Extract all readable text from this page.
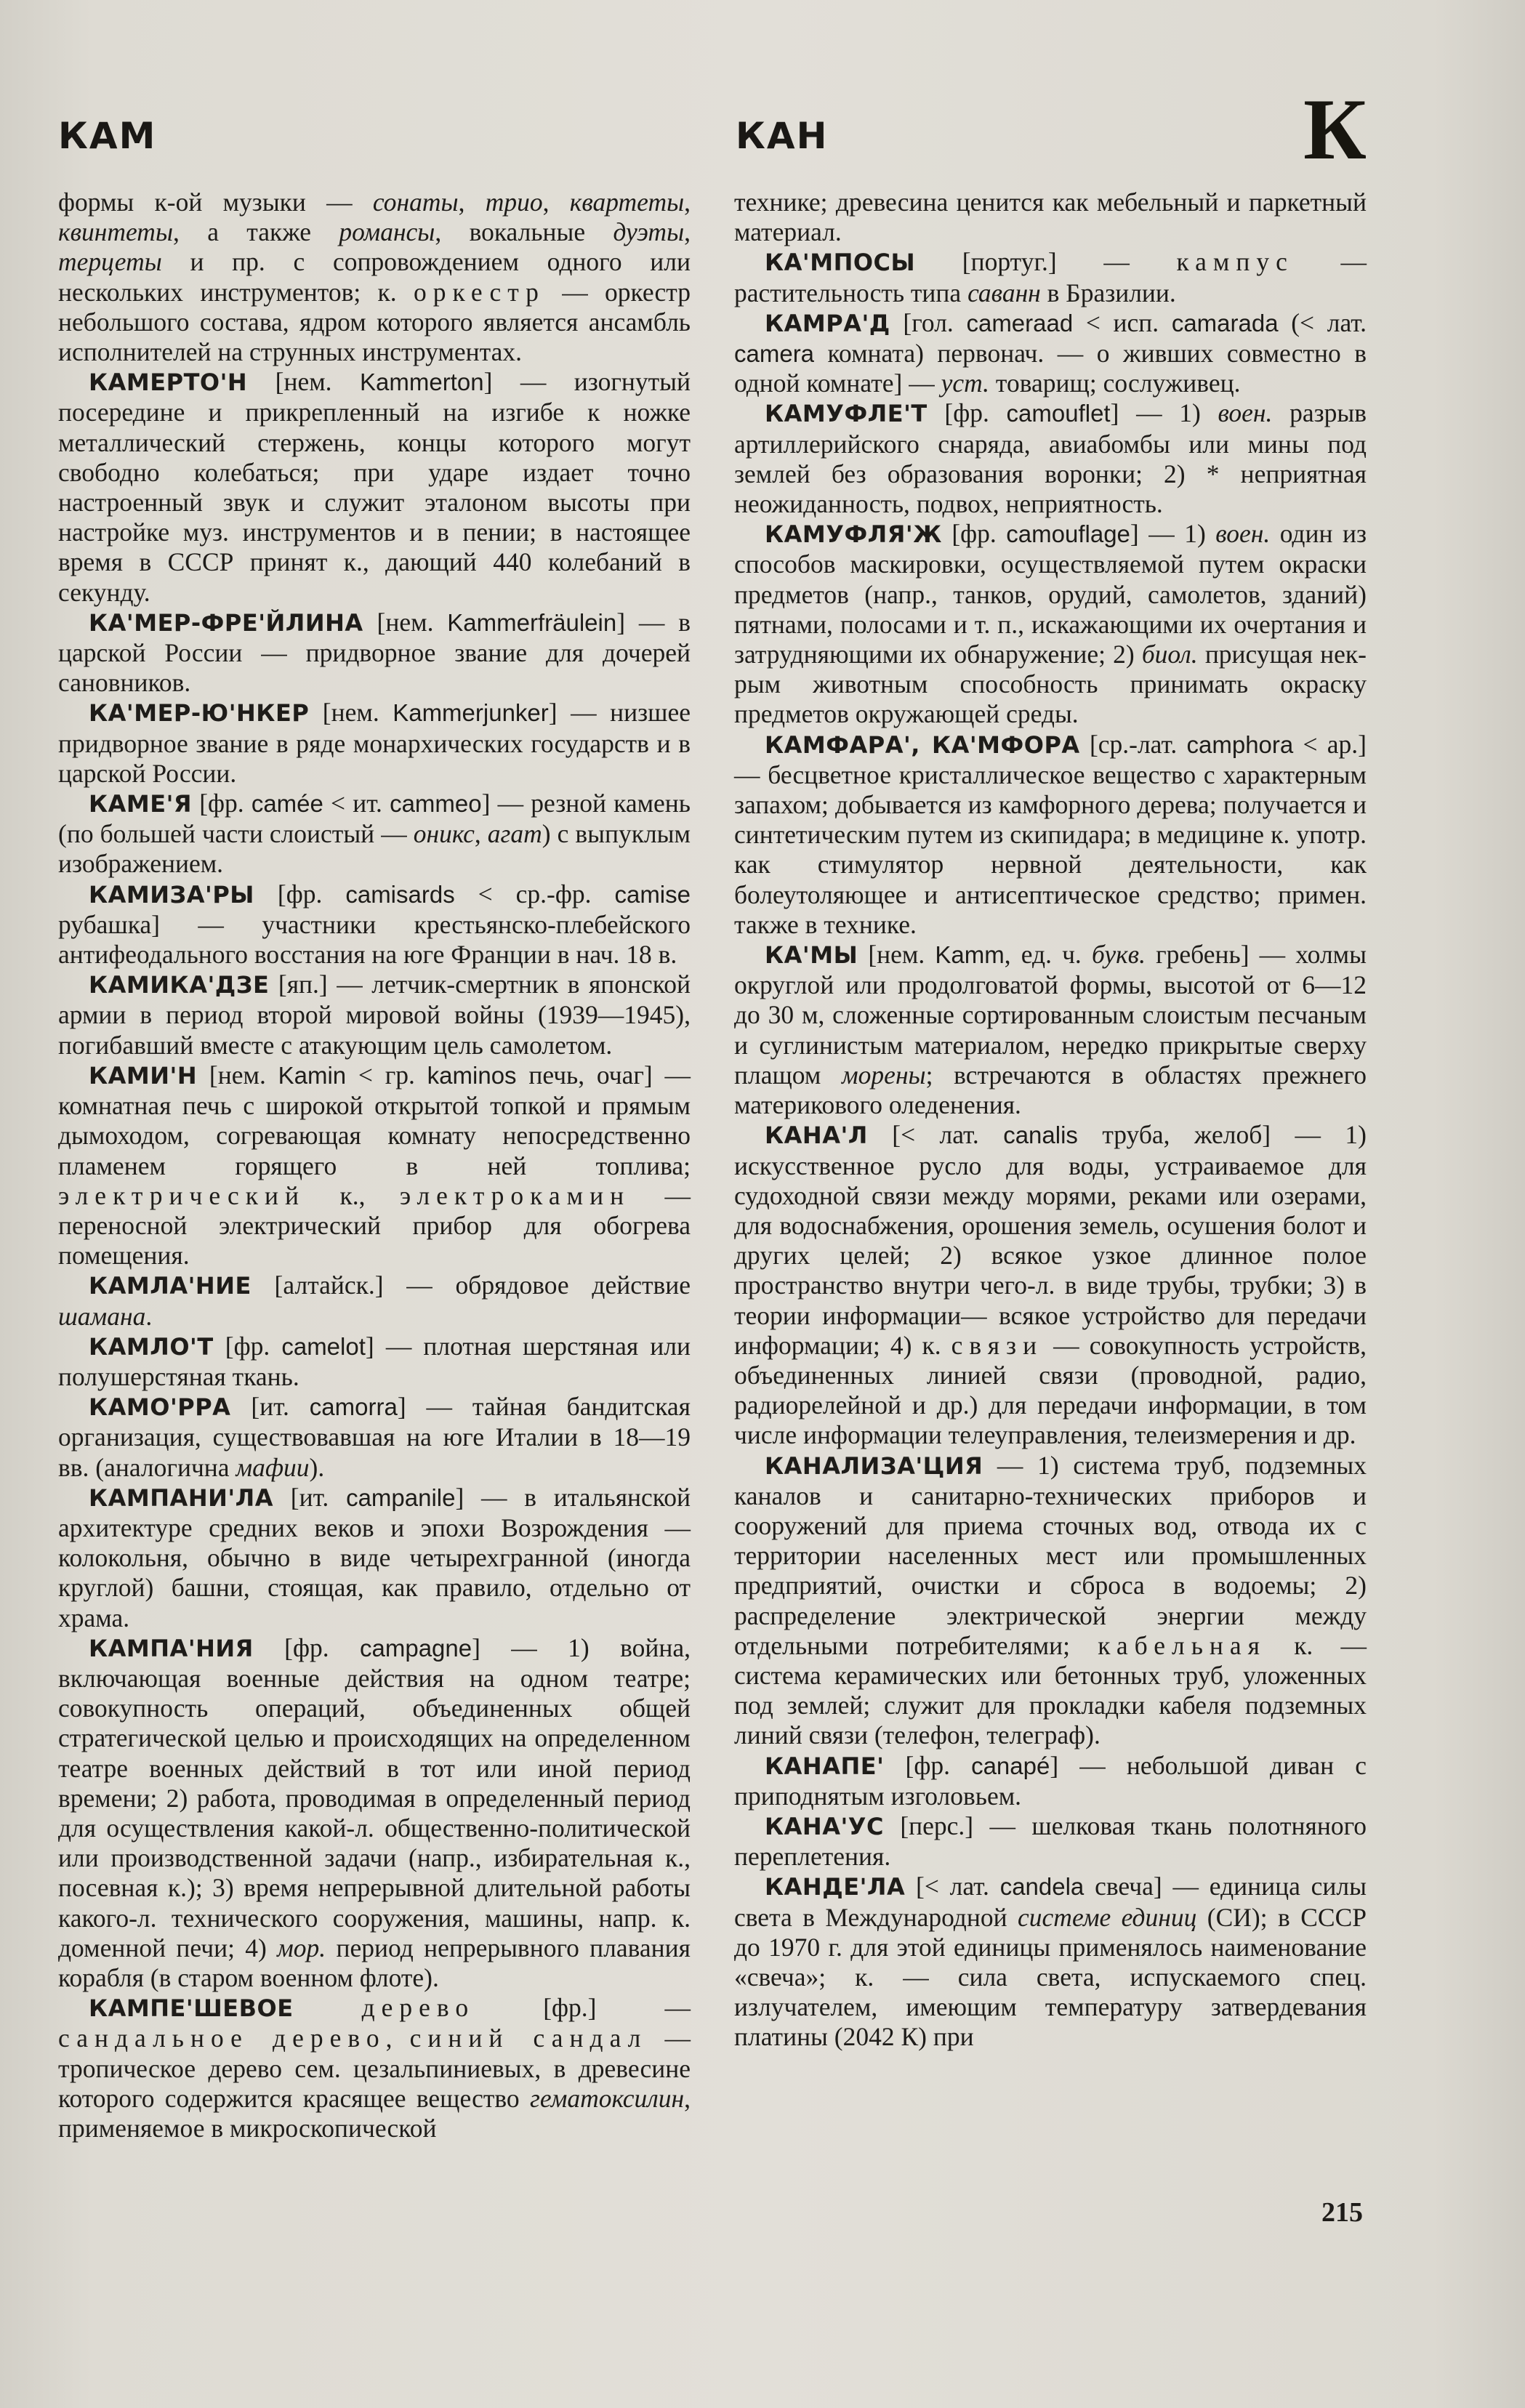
КАМ	КАН	К

формы к-ой музыки — сонаты, трио, квартеты, квинтеты, а также романсы, вокальные дуэты, терцеты и пр. с сопровождением одного или нескольких инструментов; к. оркестр — оркестр небольшого состава, ядром которого является ансамбль исполнителей на струнных инструментах.

КАМЕРТО'Н [нем. Kammerton] — изогнутый посередине и прикрепленный на изгибе к ножке металлический стержень, концы которого могут свободно колебаться; при ударе издает точно настроенный звук и служит эталоном высоты при настройке муз. инструментов и в пении; в настоящее время в СССР принят к., дающий 440 колебаний в секунду.

КА'МЕР-ФРЕ'ЙЛИНА [нем. Kammerfräulein] — в царской России — придворное звание для дочерей сановников.

КА'МЕР-Ю'НКЕР [нем. Kammerjunker] — низшее придворное звание в ряде монархических государств и в царской России.

КАМЕ'Я [фр. camée < ит. cammeo] — резной камень (по большей части слоистый — оникс, агат) с выпуклым изображением.

КАМИЗА'РЫ [фр. camisards < ср.-фр. camise рубашка] — участники крестьянско-плебейского антифеодального восстания на юге Франции в нач. 18 в.

КАМИКА'ДЗЕ [яп.] — летчик-смертник в японской армии в период второй мировой войны (1939—1945), погибавший вместе с атакующим цель самолетом.

КАМИ'Н [нем. Kamin < гр. kaminos печь, очаг] — комнатная печь с широкой открытой топкой и прямым дымоходом, согревающая комнату непосредственно пламенем горящего в ней топлива; электрический к., электрокамин — переносной электрический прибор для обогрева помещения.

КАМЛА'НИЕ [алтайск.] — обрядовое действие шамана.

КАМЛО'Т [фр. camelot] — плотная шерстяная или полушерстяная ткань.

КАМО'РРА [ит. camorra] — тайная бандитская организация, существовавшая на юге Италии в 18—19 вв. (аналогична мафии).

КАМПАНИ'ЛА [ит. campanile] — в итальянской архитектуре средних веков и эпохи Возрождения — колокольня, обычно в виде четырехгранной (иногда круглой) башни, стоящая, как правило, отдельно от храма.

КАМПА'НИЯ [фр. campagne] — 1) война, включающая военные действия на одном театре; совокупность операций, объединенных общей стратегической целью и происходящих на определенном театре военных действий в тот или иной период времени; 2) работа, проводимая в определенный период для осуществления какой-л. общественно-политической или производственной задачи (напр., избирательная к., посевная к.); 3) время непрерывной длительной работы какого-л. технического сооружения, машины, напр. к. доменной печи; 4) мор. период непрерывного плавания корабля (в старом военном флоте).

КАМПЕ'ШЕВОЕ	дерево [фр.] — сандальное дерево, синий сандал — тропическое дерево сем. цезальпиниевых, в древесине которого содержится красящее вещество гематоксилин, применяемое в микроскопической

технике; древесина ценится как мебельный и паркетный материал.

КА'МПОСЫ [португ.] — кампус — растительность типа саванн в Бразилии.

КАМРА'Д [гол. cameraad < исп. camarada (< лат. camera комната) первонач. — о живших совместно в одной комнате] — уст. товарищ; сослуживец.

КАМУФЛЕ'Т [фр. camouflet] — 1) воен. разрыв артиллерийского снаряда, авиабомбы или мины под землей без образования воронки; 2) * неприятная неожиданность, подвох, неприятность.

КАМУФЛЯ'Ж [фр. camouflage] — 1) воен. один из способов маскировки, осуществляемой путем окраски предметов (напр., танков, орудий, самолетов, зданий) пятнами, полосами и т. п., искажающими их очертания и затрудняющими их обнаружение; 2) биол. присущая нек-рым животным способность принимать окраску предметов окружающей среды.

КАМФАРА', КА'МФОРА [ср.-лат. camphora < ар.] — бесцветное кристаллическое вещество с характерным запахом; добывается из камфорного дерева; получается и синтетическим путем из скипидара; в медицине к. употр. как стимулятор нервной деятельности, как болеутоляющее и антисептическое средство; примен. также в технике.

КА'МЫ [нем. Kamm, ед. ч. букв. гребень] — холмы округлой или продолговатой формы, высотой от 6—12 до 30 м, сложенные сортированным слоистым песчаным и суглинистым материалом, нередко прикрытые сверху плащом морены; встречаются в областях прежнего материкового оледенения.

КАНА'Л [< лат. canalis труба, желоб] — 1) искусственное русло для воды, устраиваемое для судоходной связи между морями, реками или озерами, для водоснабжения, орошения земель, осушения болот и других целей; 2) всякое узкое длинное полое пространство внутри чего-л. в виде трубы, трубки; 3) в теории информации— всякое устройство для передачи информации; 4) к. связи — совокупность устройств, объединенных линией связи (проводной, радио, радиорелейной и др.) для передачи информации, в том числе информации телеуправления, телеизмерения и др.

КАНАЛИЗА'ЦИЯ — 1) система труб, подземных каналов и санитарно-технических приборов и сооружений для приема сточных вод, отвода их с территории населенных мест или промышленных предприятий, очистки и сброса в водоемы; 2) распределение электрической энергии между отдельными потребителями; кабельная к. — система керамических или бетонных труб, уложенных под землей; служит для прокладки кабеля подземных линий связи (телефон, телеграф).

КАНАПЕ' [фр. canapé] — небольшой диван с приподнятым изголовьем.

КАНА'УС [перс.] — шелковая ткань полотняного переплетения.

КАНДЕ'ЛА [< лат. candela свеча] — единица силы света в Международной системе единиц (СИ); в СССР до 1970 г. для этой единицы применялось наименование «свеча»; к. — сила света, испускаемого спец. излучателем, имеющим температуру затвердевания платины (2042 К) при

215
